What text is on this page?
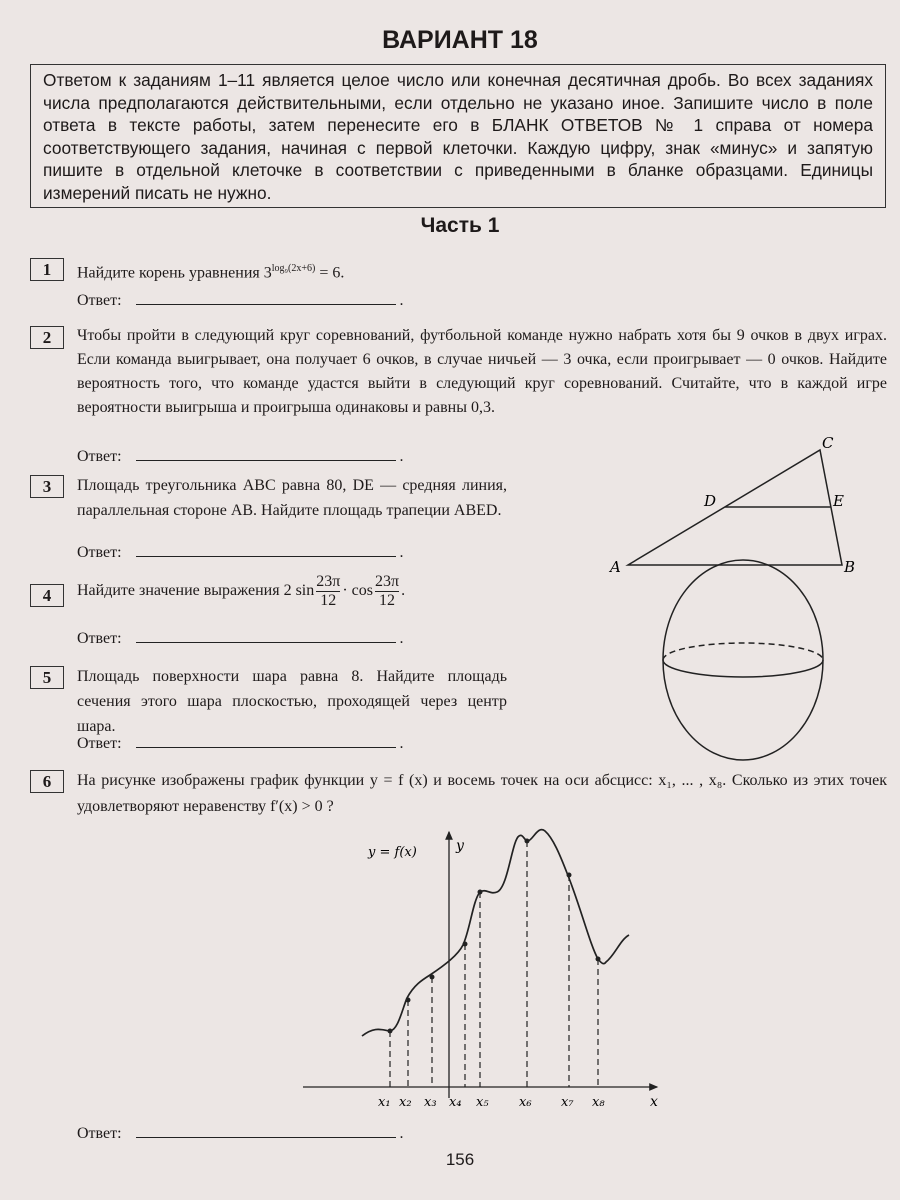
ВАРИАНТ 18
Ответом к заданиям 1–11 является целое число или конечная десятичная дробь. Во всех заданиях числа предполагаются действительными, если отдельно не указано иное. Запишите число в поле ответа в тексте работы, затем перенесите его в БЛАНК ОТВЕТОВ № 1 справа от номера соответствующего задания, начиная с первой клеточки. Каждую цифру, знак «минус» и запятую пишите в отдельной клеточке в соответствии с приведенными в бланке образцами. Единицы измерений писать не нужно.
Часть 1
1	Найдите корень уравнения $3^{log_9(2x+6)} = 6$.
Ответ:	.
2	Чтобы пройти в следующий круг соревнований, футбольной команде нужно набрать хотя бы 9 очков в двух играх. Если команда выигрывает, она получает 6 очков, в случае ничьей — 3 очка, если проигрывает — 0 очков. Найдите вероятность того, что команде удастся выйти в следующий круг соревнований. Считайте, что в каждой игре вероятности выигрыша и проигрыша одинаковы и равны 0,3.
Ответ:	.
3	Площадь треугольника ABC равна 80, DE — средняя линия, параллельная стороне AB. Найдите площадь трапеции ABED.
Ответ:	.
A	B
C
D	E
4	Найдите значение выражения 2 $\sin \frac{23\pi}{12} \cdot \cos \frac{23\pi}{12}$ .
Ответ:	.
5	Площадь поверхности шара равна 8. Найдите площадь сечения этого шара плоскостью, проходящей через центр шара.
Ответ:	.
6	На рисунке изображены график функции y = f (x) и восемь точек на оси абсцисс: x₁, ... , x₈. Сколько из этих точек удовлетворяют неравенству f′(x) > 0 ?
y
x
y = f(x)
x₁ x₂ x₃ x₄ x₅ x₆ x₇ x₈
Ответ:	.
156
